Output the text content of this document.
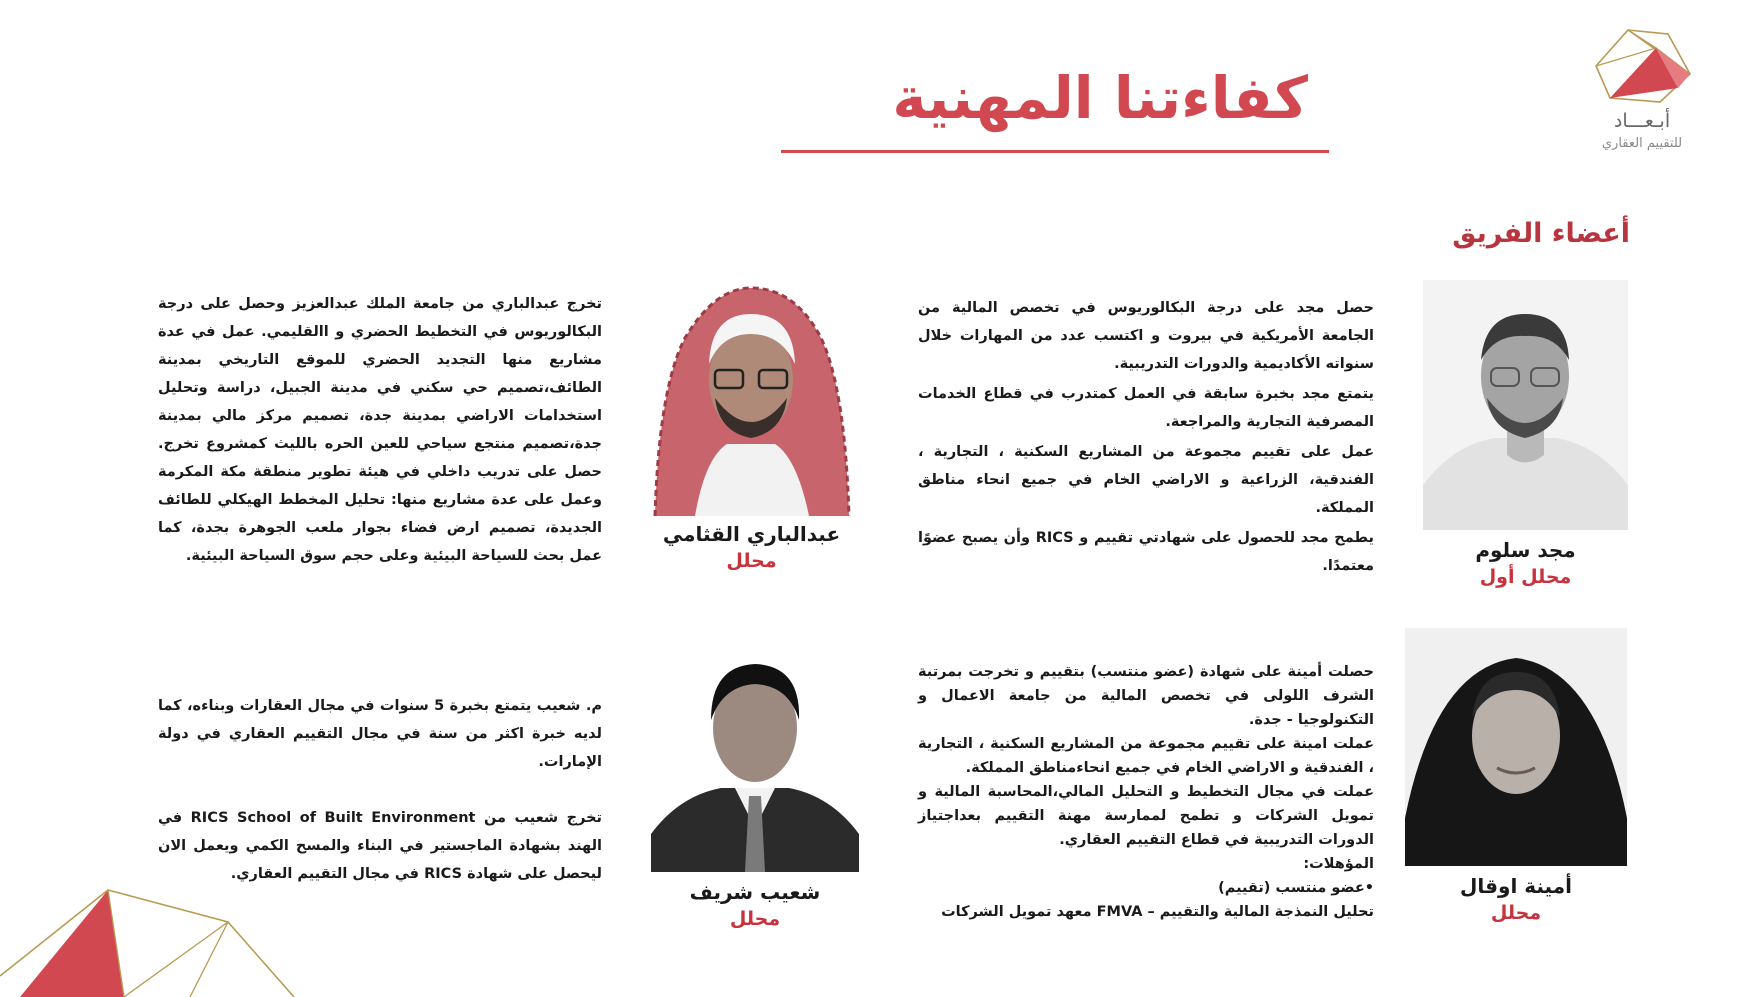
أبـعـــاد
للتقييم العقاري
كفاءتنا المهنية
أعضاء الفريق
مجد سلوم
محلل أول

حصل مجد على درجة البكالوريوس في تخصص المالية من الجامعة الأمريكية في بيروت و اكتسب عدد من المهارات خلال سنواته الأكاديمية والدورات التدريبية.

يتمتع مجد بخبرة سابقة في العمل كمتدرب في قطاع الخدمات المصرفية التجارية والمراجعة.

عمل على تقييم مجموعة من المشاريع السكنية ، التجارية ، الفندقية، الزراعية و الاراضي الخام في جميع انحاء مناطق المملكة.

يطمح مجد للحصول على شهادتي تقييم و RICS وأن يصبح عضوًا معتمدًا.

عبدالباري القثامي
محلل

تخرج عبدالباري من جامعة الملك عبدالعزيز وحصل على درجة البكالوريوس في التخطيط الحضري و االقليمي. عمل في عدة مشاريع منها التجديد الحضري للموقع التاريخي بمدينة الطائف،تصميم حي سكني في مدينة الجبيل، دراسة وتحليل استخدامات الاراضي بمدينة جدة، تصميم مركز مالي بمدينة جدة،تصميم منتجع سياحي للعين الحره بالليث كمشروع تخرج. حصل على تدريب داخلي في هيئة تطوير منطقة مكة المكرمة وعمل على عدة مشاريع منها: تحليل المخطط الهيكلي للطائف الجديدة، تصميم ارض فضاء بجوار ملعب الجوهرة بجدة، كما عمل بحث للسياحة البيئية وعلى حجم سوق السياحة البيئية.

أمينة اوقال
محلل

حصلت أمينة على شهادة (عضو منتسب) بتقييم و تخرجت بمرتبة الشرف اللولى في تخصص المالية من جامعة الاعمال و التكنولوجيا - جدة.

عملت امينة على تقييم مجموعة من المشاريع السكنية ، التجارية ، الفندقية و الاراضي الخام في جميع انحاءمناطق المملكة.

عملت في مجال التخطيط و التحليل المالي،المحاسبة المالية و تمويل الشركات و تطمح لممارسة مهنة التقييم بعداجتياز الدورات التدريبية في قطاع التقييم العقاري.

المؤهلات:

•عضو منتسب (تقييم)

تحليل النمذجة المالية والتقييم – FMVA معهد تمويل الشركات

شعيب شريف
محلل

م. شعيب يتمتع بخبرة 5 سنوات في مجال العقارات وبناءه، كما لديه خبرة اكثر من سنة في مجال التقييم العقاري في دولة الإمارات.

تخرج شعيب من RICS School of Built Environment في الهند بشهادة الماجستير في البناء والمسح الكمي ويعمل الان ليحصل على شهادة RICS في مجال التقييم العقاري.
